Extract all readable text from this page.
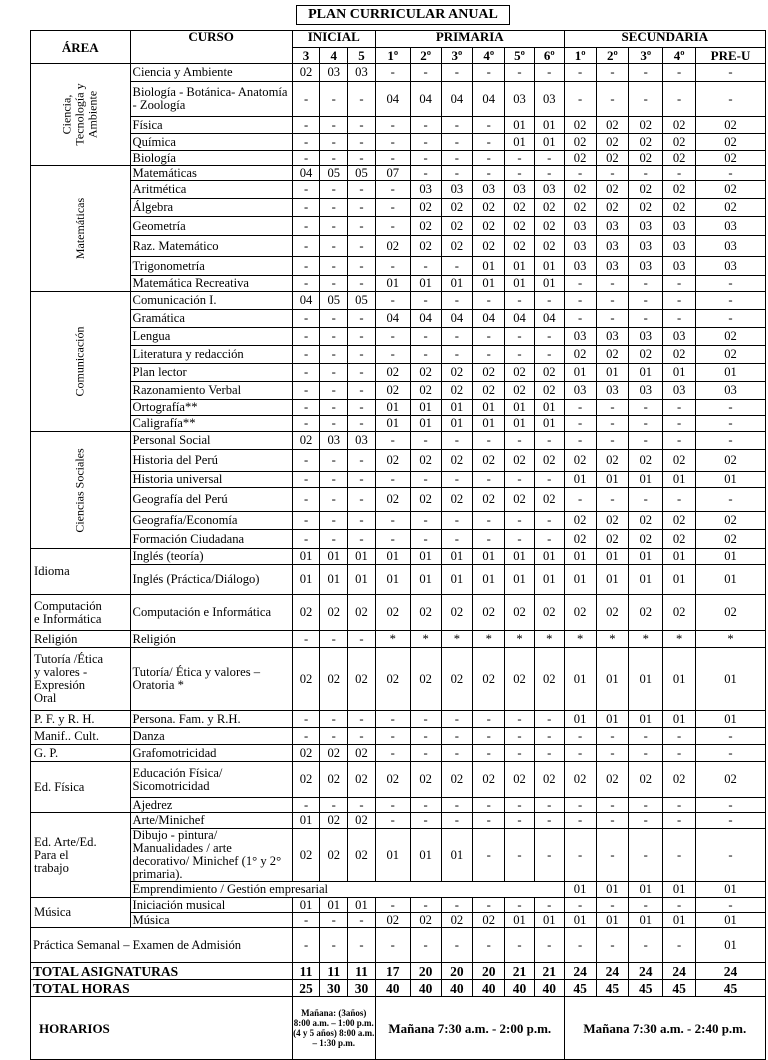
PLAN CURRICULAR ANUAL
ÁREA	CURSO	INICIAL			PRIMARIA						SECUNDARIA				
		3	4	5	1º	2º	3º	4º	5º	6º	1º	2º	3º	4º	PRE-U

Ciencia, Tecnología y Ambiente	Ciencia y Ambiente	02	03	03	-	-	-	-	-	-	-	-	-	-	-
	Biología - Botánica- Anatomía - Zoología	-	-	-	04	04	04	04	03	03	-	-	-	-	-
	Física	-	-	-	-	-	-	-	01	01	02	02	02	02	02
	Química	-	-	-	-	-	-	-	01	01	02	02	02	02	02
	Biología	-	-	-	-	-	-	-	-	-	02	02	02	02	02

Matemáticas	Matemáticas	04	05	05	07	-	-	-	-	-	-	-	-	-	-
	Aritmética	-	-	-	-	03	03	03	03	03	02	02	02	02	02
	Álgebra	-	-	-	-	02	02	02	02	02	02	02	02	02	02
	Geometría	-	-	-	-	02	02	02	02	02	03	03	03	03	03
	Raz. Matemático	-	-	-	02	02	02	02	02	02	03	03	03	03	03
	Trigonometría	-	-	-	-	-	-	01	01	01	03	03	03	03	03
	Matemática Recreativa	-	-	-	01	01	01	01	01	01	-	-	-	-	-

Comunicación	Comunicación I.	04	05	05	-	-	-	-	-	-	-	-	-	-	-
	Gramática	-	-	-	04	04	04	04	04	04	-	-	-	-	-
	Lengua	-	-	-	-	-	-	-	-	-	03	03	03	03	02
	Literatura y redacción	-	-	-	-	-	-	-	-	-	02	02	02	02	02
	Plan lector	-	-	-	02	02	02	02	02	02	01	01	01	01	01
	Razonamiento Verbal	-	-	-	02	02	02	02	02	02	03	03	03	03	03
	Ortografía**	-	-	-	01	01	01	01	01	01	-	-	-	-	-
	Caligrafía**	-	-	-	01	01	01	01	01	01	-	-	-	-	-

Ciencias Sociales	Personal Social	02	03	03	-	-	-	-	-	-	-	-	-	-	-
	Historia del Perú	-	-	-	02	02	02	02	02	02	02	02	02	02	02
	Historia universal	-	-	-	-	-	-	-	-	-	01	01	01	01	01
	Geografía del Perú	-	-	-	02	02	02	02	02	02	-	-	-	-	-
	Geografía/Economía	-	-	-	-	-	-	-	-	-	02	02	02	02	02
	Formación Ciudadana	-	-	-	-	-	-	-	-	-	02	02	02	02	02

Idioma	Inglés (teoría)	01	01	01	01	01	01	01	01	01	01	01	01	01	01
	Inglés (Práctica/Diálogo)	01	01	01	01	01	01	01	01	01	01	01	01	01	01

Computación
e Informática	Computación e Informática	02	02	02	02	02	02	02	02	02	02	02	02	02	02

Religión	Religión	-	-	-	*	*	*	*	*	*	*	*	*	*	*

Tutoría /Ética
y valores -
Expresión
Oral	Tutoría/ Ética y valores – Oratoria *	02	02	02	02	02	02	02	02	02	01	01	01	01	01

P. F. y R. H.	Persona. Fam. y R.H.	-	-	-	-	-	-	-	-	-	01	01	01	01	01

Manif.. Cult.	Danza	-	-	-	-	-	-	-	-	-	-	-	-	-	-

G. P.	Grafomotricidad	02	02	02	-	-	-	-	-	-	-	-	-	-	-

Ed. Física	Educación Física/ Sicomotricidad	02	02	02	02	02	02	02	02	02	02	02	02	02	02
	Ajedrez	-	-	-	-	-	-	-	-	-	-	-	-	-	-

Ed. Arte/Ed.
Para el
trabajo	Arte/Minichef	01	02	02	-	-	-	-	-	-	-	-	-	-	-
	Dibujo - pintura/ Manualidades / arte decorativo/ Minichef (1° y 2° primaria).	02	02	02	01	01	01	-	-	-	-	-	-	-	-
	Emprendimiento / Gestión empresarial										01	01	01	01	01

Música	Iniciación musical	01	01	01	-	-	-	-	-	-	-	-	-	-	-
	Música	-	-	-	02	02	02	02	01	01	01	01	01	01	01
Práctica Semanal – Examen de Admisión		-	-	-	-	-	-	-	-	-	-	-	-	-	01
TOTAL ASIGNATURAS		11	11	11	17	20	20	20	21	21	24	24	24	24	24
TOTAL HORAS		25	30	30	40	40	40	40	40	40	45	45	45	45	45
HORARIOS		Mañana: (3años) 8:00 a.m. – 1:00 p.m. (4 y 5 años) 8:00 a.m. – 1:30 p.m.			Mañana 7:30 a.m. - 2:00 p.m.						Mañana 7:30 a.m. - 2:40 p.m.				
